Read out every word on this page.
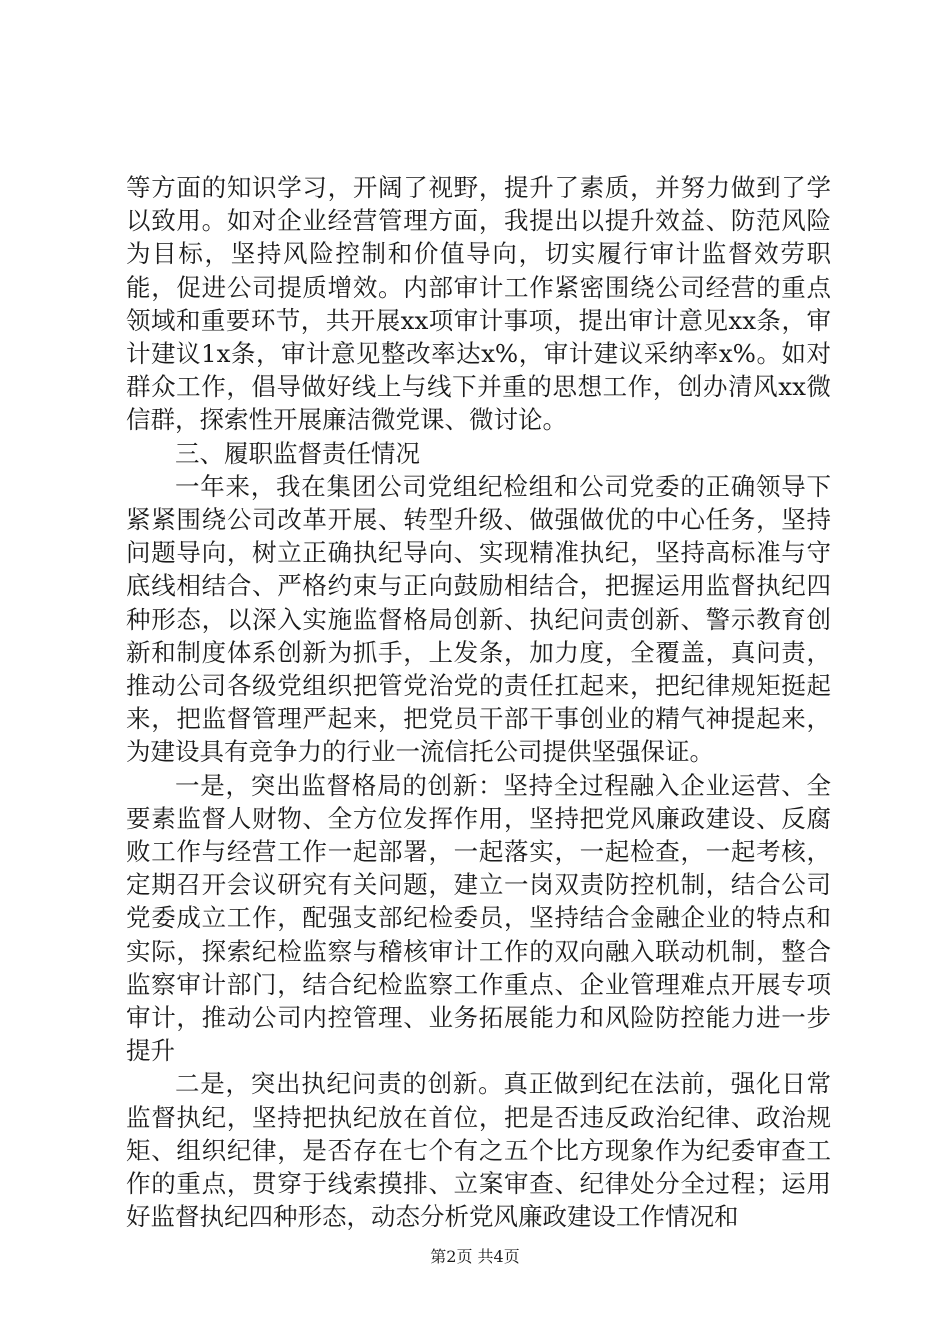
等方面的知识学习，开阔了视野，提升了素质，并努力做到了学以致用。如对企业经营管理方面，我提出以提升效益、防范风险为目标，坚持风险控制和价值导向，切实履行审计监督效劳职能，促进公司提质增效。内部审计工作紧密围绕公司经营的重点领域和重要环节，共开展xx项审计事项，提出审计意见xx条，审计建议1x条，审计意见整改率达x%，审计建议采纳率x%。如对群众工作，倡导做好线上与线下并重的思想工作，创办清风xx微信群，探索性开展廉洁微党课、微讨论。

三、履职监督责任情况

一年来，我在集团公司党组纪检组和公司党委的正确领导下紧紧围绕公司改革开展、转型升级、做强做优的中心任务，坚持问题导向，树立正确执纪导向、实现精准执纪，坚持高标准与守底线相结合、严格约束与正向鼓励相结合，把握运用监督执纪四种形态，以深入实施监督格局创新、执纪问责创新、警示教育创新和制度体系创新为抓手，上发条，加力度，全覆盖，真问责，推动公司各级党组织把管党治党的责任扛起来，把纪律规矩挺起来，把监督管理严起来，把党员干部干事创业的精气神提起来，为建设具有竞争力的行业一流信托公司提供坚强保证。

一是，突出监督格局的创新：坚持全过程融入企业运营、全要素监督人财物、全方位发挥作用，坚持把党风廉政建设、反腐败工作与经营工作一起部署，一起落实，一起检查，一起考核，定期召开会议研究有关问题，建立一岗双责防控机制，结合公司党委成立工作，配强支部纪检委员，坚持结合金融企业的特点和实际，探索纪检监察与稽核审计工作的双向融入联动机制，整合监察审计部门，结合纪检监察工作重点、企业管理难点开展专项审计，推动公司内控管理、业务拓展能力和风险防控能力进一步提升

二是，突出执纪问责的创新。真正做到纪在法前，强化日常监督执纪，坚持把执纪放在首位，把是否违反政治纪律、政治规矩、组织纪律，是否存在七个有之五个比方现象作为纪委审查工作的重点，贯穿于线索摸排、立案审查、纪律处分全过程；运用好监督执纪四种形态，动态分析党风廉政建设工作情况和

第2页 共4页
